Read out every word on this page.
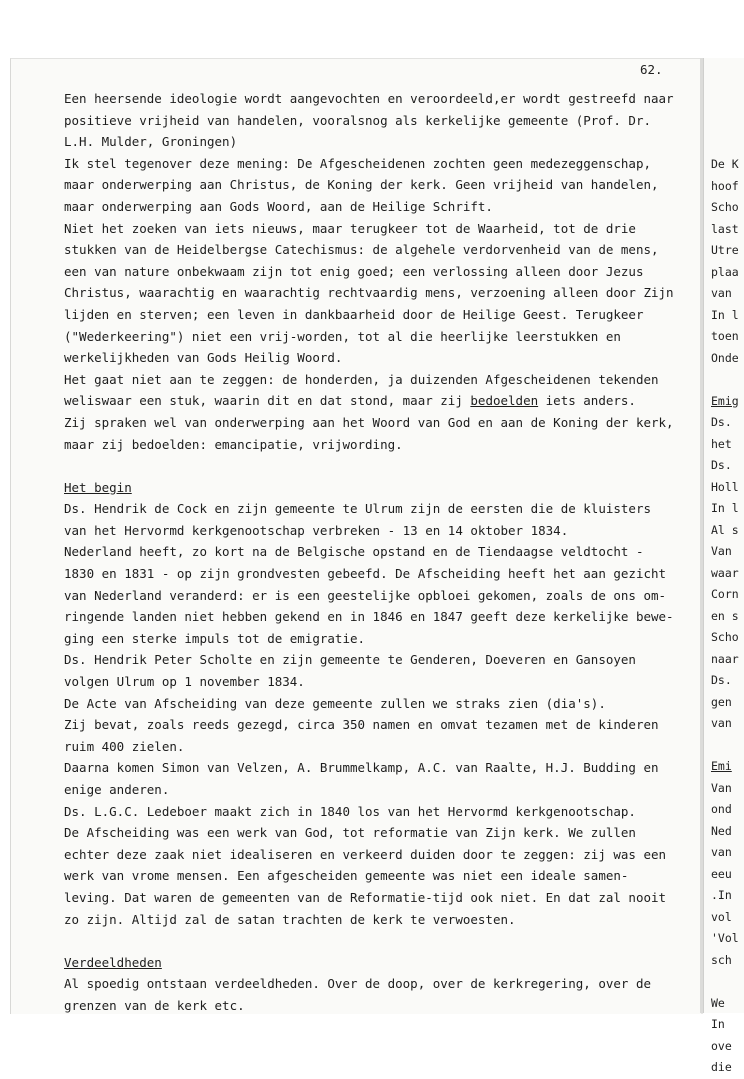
De K
hoof
Scho
last
Utre
plaa
van
In l
toen
Onde
Emig
Ds.
het
Ds.
Holl
In l
Al s
Van
waar
Corn
en s
Scho
naar
Ds.
gen
van
Emi
Van
ond
Ned
van
eeu
.In
vol
'Vol
sch
We
In
ove
die
62.
Een heersende ideologie wordt aangevochten en veroordeeld,er wordt gestreefd naar
positieve vrijheid van handelen, vooralsnog als kerkelijke gemeente (Prof. Dr.
L.H. Mulder, Groningen)
Ik stel tegenover deze mening: De Afgescheidenen zochten geen medezeggenschap,
maar onderwerping aan Christus, de Koning der kerk. Geen vrijheid van handelen,
maar onderwerping aan Gods Woord, aan de Heilige Schrift.
Niet het zoeken van iets nieuws, maar terugkeer tot de Waarheid, tot de drie
stukken van de Heidelbergse Catechismus: de algehele verdorvenheid van de mens,
een van nature onbekwaam zijn tot enig goed; een verlossing alleen door Jezus
Christus, waarachtig en waarachtig rechtvaardig mens, verzoening alleen door Zijn
lijden en sterven; een leven in dankbaarheid door de Heilige Geest. Terugkeer
("Wederkeering") niet een vrij-worden, tot al die heerlijke leerstukken en
werkelijkheden van Gods Heilig Woord.
Het gaat niet aan te zeggen: de honderden, ja duizenden Afgescheidenen tekenden
weliswaar een stuk, waarin dit en dat stond, maar zij bedoelden iets anders.
Zij spraken wel van onderwerping aan het Woord van God en aan de Koning der kerk,
maar zij bedoelden: emancipatie, vrijwording.
Het begin
Ds. Hendrik de Cock en zijn gemeente te Ulrum zijn de eersten die de kluisters
van het Hervormd kerkgenootschap verbreken - 13 en 14 oktober 1834.
Nederland heeft, zo kort na de Belgische opstand en de Tiendaagse veldtocht -
1830 en 1831 - op zijn grondvesten gebeefd. De Afscheiding heeft het aan gezicht
van Nederland veranderd: er is een geestelijke opbloei gekomen, zoals de ons om-
ringende landen niet hebben gekend en in 1846 en 1847 geeft deze kerkelijke bewe-
ging een sterke impuls tot de emigratie.
Ds. Hendrik Peter Scholte en zijn gemeente te Genderen, Doeveren en Gansoyen
volgen Ulrum op 1 november 1834.
De Acte van Afscheiding van deze gemeente zullen we straks zien (dia's).
Zij bevat, zoals reeds gezegd, circa 350 namen en omvat tezamen met de kinderen
ruim 400 zielen.
Daarna komen Simon van Velzen, A. Brummelkamp, A.C. van Raalte, H.J. Budding en
enige anderen.
Ds. L.G.C. Ledeboer maakt zich in 1840 los van het Hervormd kerkgenootschap.
De Afscheiding was een werk van God, tot reformatie van Zijn kerk. We zullen
echter deze zaak niet idealiseren en verkeerd duiden door te zeggen: zij was een
werk van vrome mensen. Een afgescheiden gemeente was niet een ideale samen-
leving. Dat waren de gemeenten van de Reformatie-tijd ook niet. En dat zal nooit
zo zijn. Altijd zal de satan trachten de kerk te verwoesten.
Verdeeldheden
Al spoedig ontstaan verdeeldheden. Over de doop, over de kerkregering, over de
grenzen van de kerk etc.
